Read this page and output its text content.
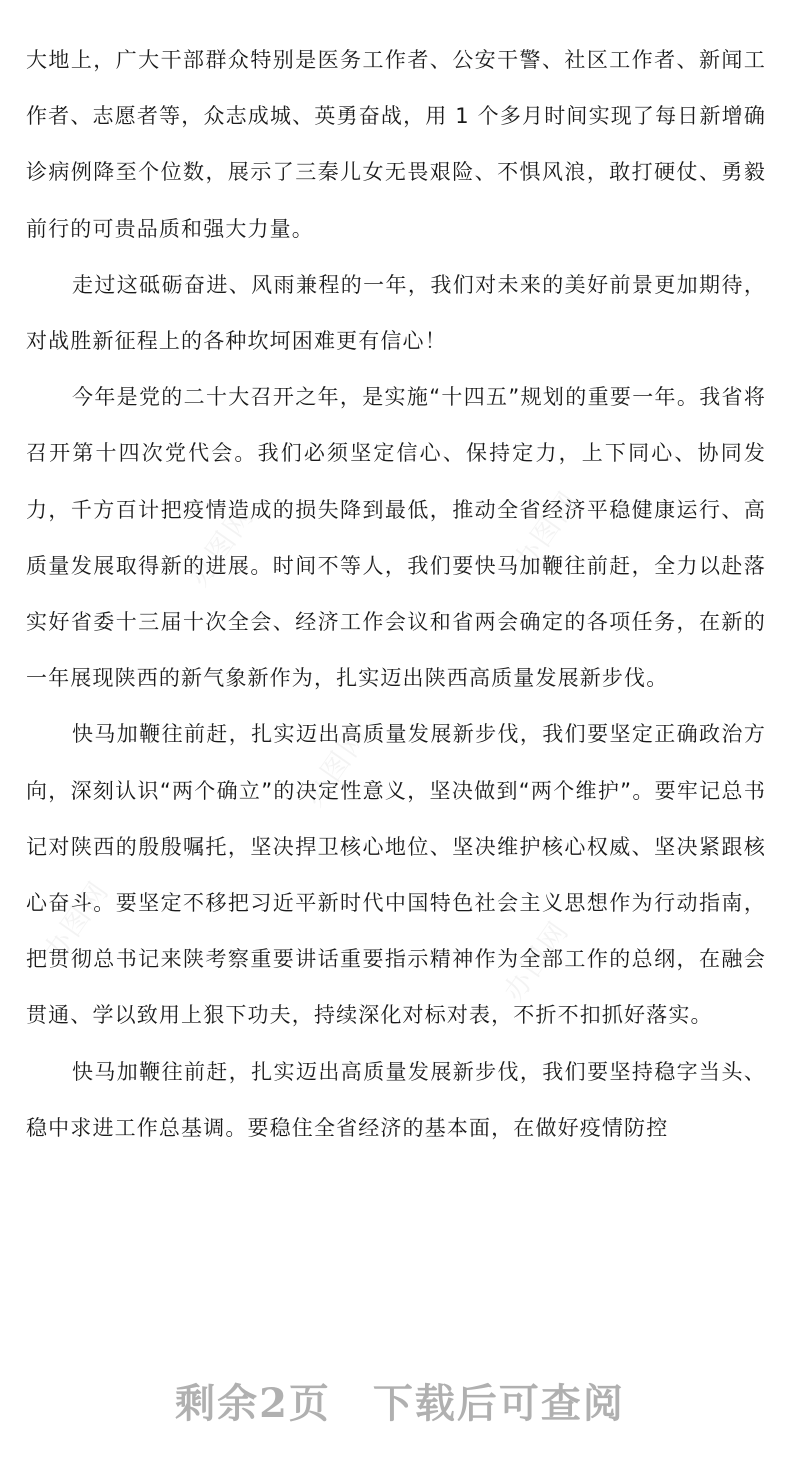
办图网	办图网
办图网
办图网	办图网

大地上，广大干部群众特别是医务工作者、公安干警、社区工作者、新闻工作者、志愿者等，众志成城、英勇奋战，用 1 个多月时间实现了每日新增确诊病例降至个位数，展示了三秦儿女无畏艰险、不惧风浪，敢打硬仗、勇毅前行的可贵品质和强大力量。

走过这砥砺奋进、风雨兼程的一年，我们对未来的美好前景更加期待，对战胜新征程上的各种坎坷困难更有信心！

今年是党的二十大召开之年，是实施“十四五”规划的重要一年。我省将召开第十四次党代会。我们必须坚定信心、保持定力，上下同心、协同发力，千方百计把疫情造成的损失降到最低，推动全省经济平稳健康运行、高质量发展取得新的进展。时间不等人，我们要快马加鞭往前赶，全力以赴落实好省委十三届十次全会、经济工作会议和省两会确定的各项任务，在新的一年展现陕西的新气象新作为，扎实迈出陕西高质量发展新步伐。

快马加鞭往前赶，扎实迈出高质量发展新步伐，我们要坚定正确政治方向，深刻认识“两个确立”的决定性意义，坚决做到“两个维护”。要牢记总书记对陕西的殷殷嘱托，坚决捍卫核心地位、坚决维护核心权威、坚决紧跟核心奋斗。要坚定不移把习近平新时代中国特色社会主义思想作为行动指南，把贯彻总书记来陕考察重要讲话重要指示精神作为全部工作的总纲，在融会贯通、学以致用上狠下功夫，持续深化对标对表，不折不扣抓好落实。

快马加鞭往前赶，扎实迈出高质量发展新步伐，我们要坚持稳字当头、稳中求进工作总基调。要稳住全省经济的基本面，在做好疫情防控

剩余2页 下载后可查阅
